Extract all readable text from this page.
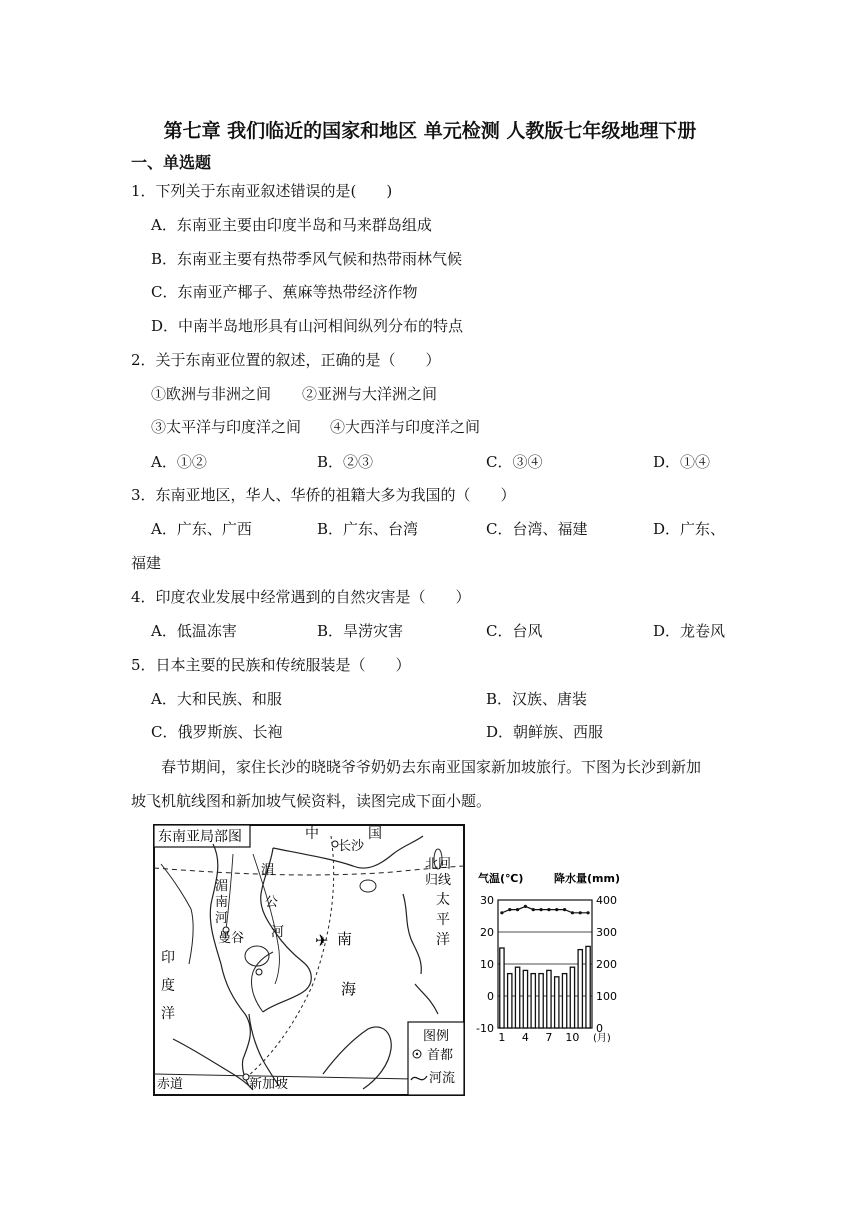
第七章 我们临近的国家和地区 单元检测 人教版七年级地理下册
一、单选题
1．下列关于东南亚叙述错误的是(　　)
A．东南亚主要由印度半岛和马来群岛组成
B．东南亚主要有热带季风气候和热带雨林气候
C．东南亚产椰子、蕉麻等热带经济作物
D．中南半岛地形具有山河相间纵列分布的特点
2．关于东南亚位置的叙述，正确的是（　　）
①欧洲与非洲之间 ②亚洲与大洋洲之间
③太平洋与印度洋之间 ④大西洋与印度洋之间
A．①②	B．②③	C．③④	D．①④
3．东南亚地区，华人、华侨的祖籍大多为我国的（　　）
A．广东、广西	B．广东、台湾	C．台湾、福建	D．广东、
福建
4．印度农业发展中经常遇到的自然灾害是（　　）
A．低温冻害	B．旱涝灾害	C．台风	D．龙卷风
5．日本主要的民族和传统服装是（　　）
A．大和民族、和服	B．汉族、唐装
C．俄罗斯族、长袍	D．朝鲜族、西服
春节期间，家住长沙的晓晓爷爷奶奶去东南亚国家新加坡旅行。下图为长沙到新加
坡飞机航线图和新加坡气候资料，读图完成下面小题。
东南亚局部图
✈
中	国
长沙
北回
归线
太
平
洋
湄
南
河
湄
公
河
曼谷
印
度
洋
南
海
新加坡
赤道
图例
首都
河流
气温(℃)	降水量(mm)
30
20
10
0
-10
400
300
200
100
0
1 4 7 10 (月)
